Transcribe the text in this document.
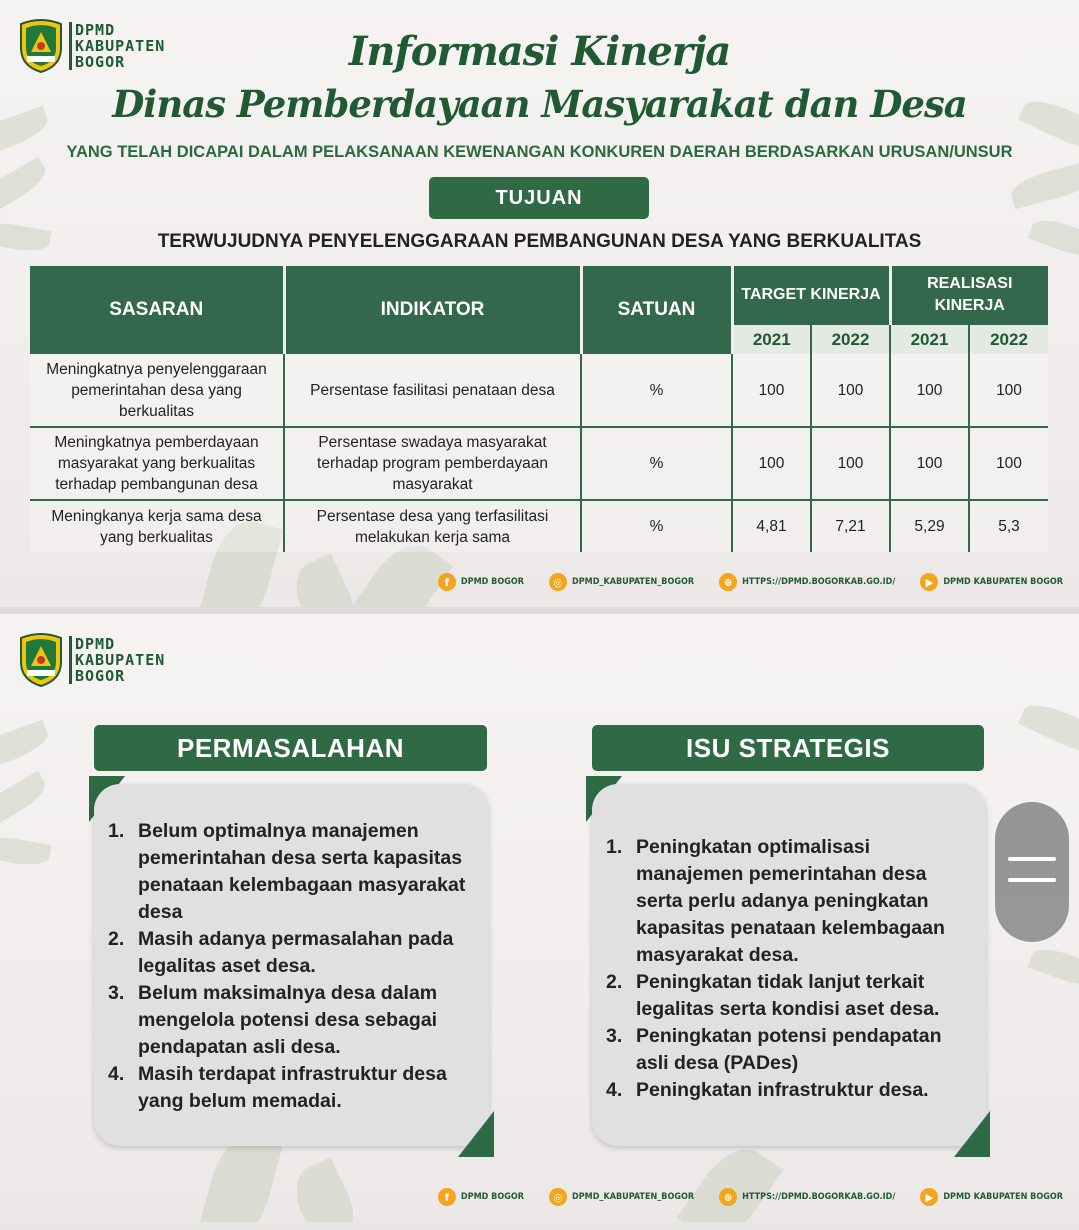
DPMD
KABUPATEN
BOGOR	Informasi Kinerja
Dinas Pemberdayaan Masyarakat dan Desa
YANG TELAH DICAPAI DALAM PELAKSANAAN KEWENANGAN KONKUREN DAERAH BERDASARKAN URUSAN/UNSUR
TUJUAN
TERWUJUDNYA PENYELENGGARAAN PEMBANGUNAN DESA YANG BERKUALITAS
SASARAN	INDIKATOR	SATUAN	TARGET KINERJA		REALISASI KINERJA	
			2021	2022	2021	2022
Meningkatnya penyelenggaraan pemerintahan desa yang berkualitas	Persentase fasilitasi penataan desa	%	100	100	100	100
Meningkatnya pemberdayaan masyarakat yang berkualitas terhadap pembangunan desa	Persentase swadaya masyarakat terhadap program pemberdayaan masyarakat	%	100	100	100	100
Meningkanya kerja sama desa yang berkualitas	Persentase desa yang terfasilitasi melakukan kerja sama	%	4,81	7,21	5,29	5,3
f	DPMD BOGOR	◎	DPMD_KABUPATEN_BOGOR	⊕	HTTPS://DPMD.BOGORKAB.GO.ID/	▶	DPMD KABUPATEN BOGOR
DPMD
KABUPATEN
BOGOR
PERMASALAHAN
1. Belum optimalnya manajemen pemerintahan desa serta kapasitas penataan kelembagaan masyarakat desa
2. Masih adanya permasalahan pada legalitas aset desa.
3. Belum maksimalnya desa dalam mengelola potensi desa sebagai pendapatan asli desa.
4. Masih terdapat infrastruktur desa yang belum memadai.
ISU STRATEGIS
1. Peningkatan optimalisasi manajemen pemerintahan desa serta perlu adanya peningkatan kapasitas penataan kelembagaan masyarakat desa.
2. Peningkatan tidak lanjut terkait legalitas serta kondisi aset desa.
3. Peningkatan potensi pendapatan asli desa (PADes)
4. Peningkatan infrastruktur desa.
f	DPMD BOGOR	◎	DPMD_KABUPATEN_BOGOR	⊕	HTTPS://DPMD.BOGORKAB.GO.ID/	▶	DPMD KABUPATEN BOGOR
